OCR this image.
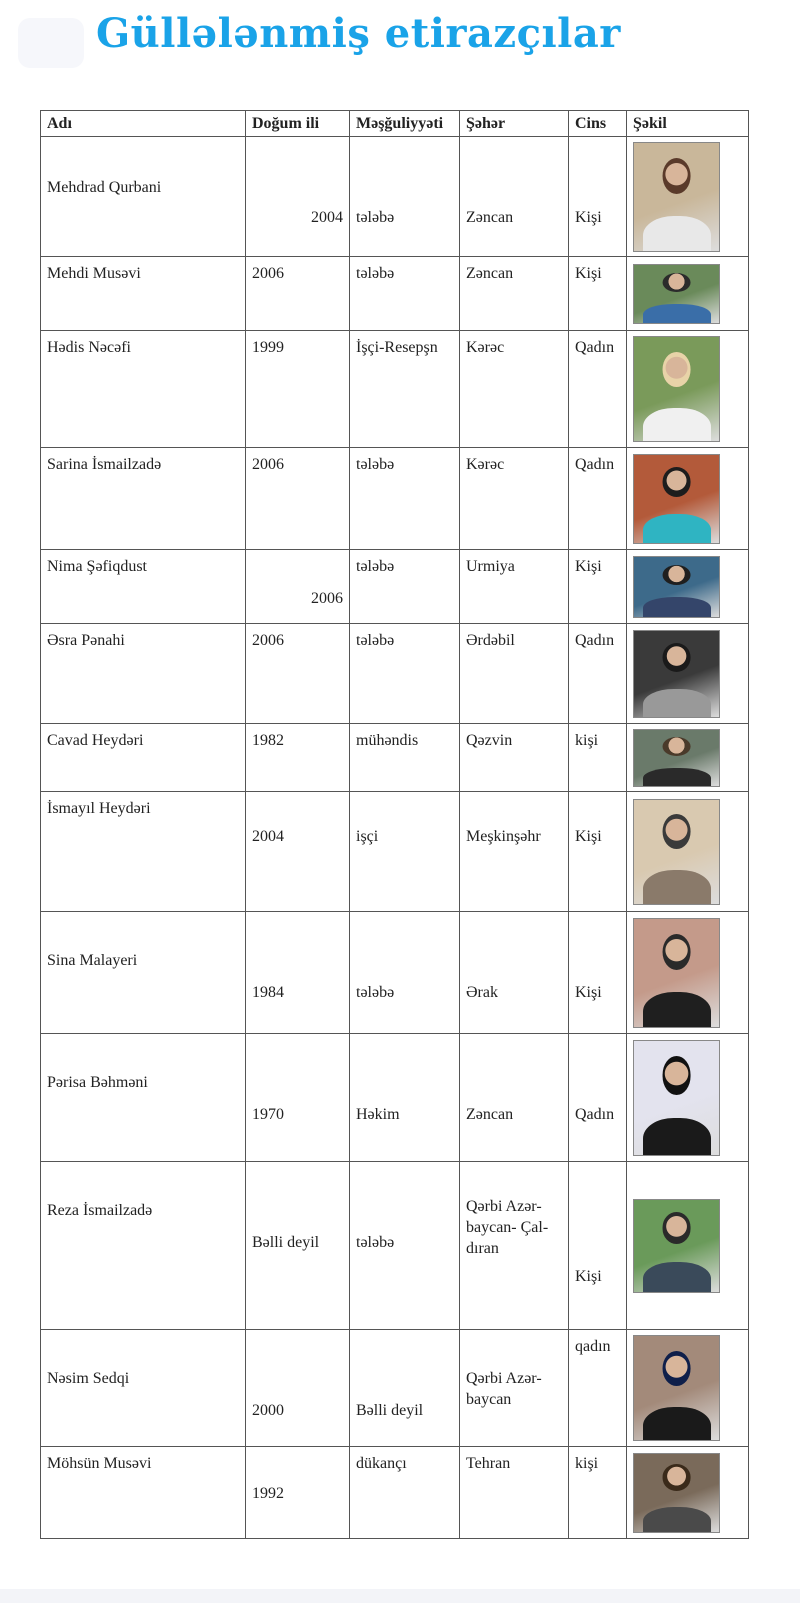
Güllələnmiş etirazçılar
Adı	Doğum ili	Məşğuliyyəti	Şəhər	Cins	Şəkil

Mehdrad Qurbani	2004	tələbə	Zəncan	Kişi	

Mehdi Musəvi	2006	tələbə	Zəncan	Kişi	

Hədis Nəcəfi	1999	İşçi-Resepşn	Kərəc	Qadın	

Sarina İsmailzadə	2006	tələbə	Kərəc	Qadın	

Nima Şəfiqdust	2006	tələbə	Urmiya	Kişi	

Əsra Pənahi	2006	tələbə	Ərdəbil	Qadın	

Cavad Heydəri	1982	mühəndis	Qəzvin	kişi	

İsmayıl Heydəri	2004	işçi	Meşkinşəhr	Kişi	

Sina Malayeri	1984	tələbə	Ərak	Kişi	

Pərisa Bəhməni	1970	Həkim	Zəncan	Qadın	

Reza İsmailzadə	Bəlli deyil	tələbə	Qərbi Azər-baycan- Çal-dıran	Kişi	

Nəsim Sedqi	2000	Bəlli deyil	Qərbi Azər-baycan	qadın	

Möhsün Musəvi	1992	dükançı	Tehran	kişi	
